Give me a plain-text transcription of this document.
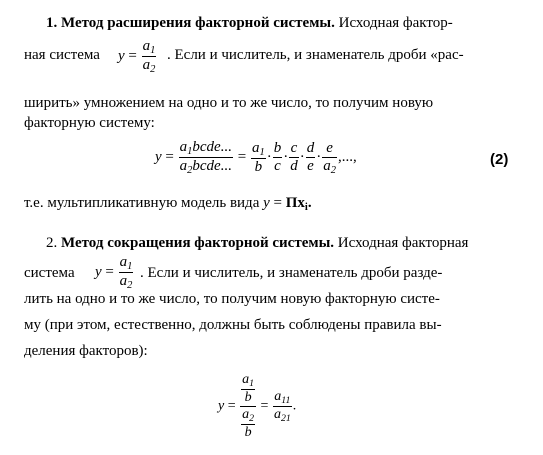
1. Метод расширения факторной системы. Исходная фактор-
ная система $y = \frac{a_1}{a_2}$ . Если и числитель, и знаменатель дроби «рас-
ширить» умножением на одно и то же число, то получим новую
факторную систему:
$y = \frac{a_1bcde...}{a_2bcde...} = \frac{a_1}{b} \cdot \frac{b}{c} \cdot \frac{c}{d} \cdot \frac{d}{e} \cdot \frac{e}{a_2}$ ,...,	(2)
т.е. мультипликативную модель вида $y = Пх_i$.
2. Метод сокращения факторной системы. Исходная факторная
система $y = \frac{a_1}{a_2}$ . Если и числитель, и знаменатель дроби разде-
лить на одно и то же число, то получим новую факторную систе-
му (при этом, естественно, должны быть соблюдены правила вы-
деления факторов):
$y = \frac{\frac{a_1}{b}}{\frac{a_2}{b}} = \frac{a_{11}}{a_{21}}$ .
